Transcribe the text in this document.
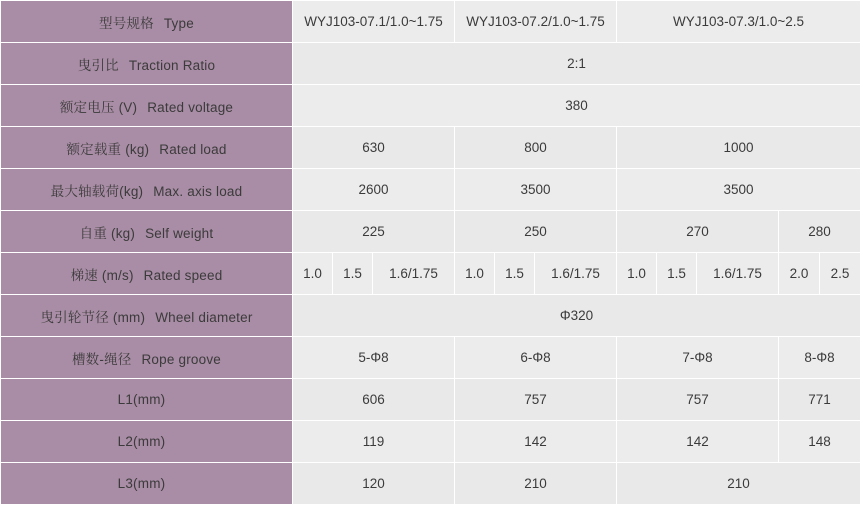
型号规格 Type	WYJ103-07.1/1.0~1.75			WYJ103-07.2/1.0~1.75			WYJ103-07.3/1.0~2.5				
曳引比 Traction Ratio	2:1										
额定电压 (V) Rated voltage	380										
额定载重 (kg) Rated load	630			800			1000				
最大轴载荷(kg) Max. axis load	2600			3500			3500				
自重 (kg) Self weight	225			250			270			280	
梯速 (m/s) Rated speed	1.0	1.5	1.6/1.75	1.0	1.5	1.6/1.75	1.0	1.5	1.6/1.75	2.0	2.5
曳引轮节径 (mm) Wheel diameter	Φ320										
槽数-绳径 Rope groove	5-Φ8			6-Φ8			7-Φ8			8-Φ8	
L1(mm)	606			757			757			771	
L2(mm)	119			142			142			148	
L3(mm)	120			210			210				
